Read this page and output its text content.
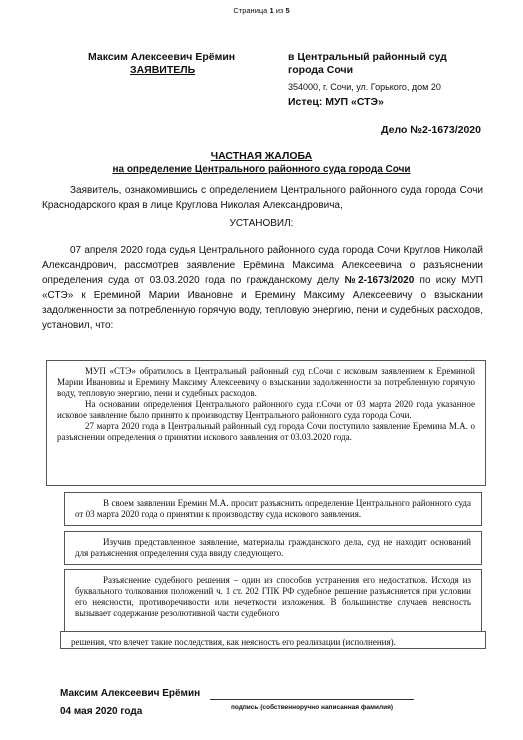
Страница 1 из 5
Максим Алексеевич Ерёмин
ЗАЯВИТЕЛЬ
в Центральный районный суд
города Сочи
354000, г. Сочи, ул. Горького, дом 20
Истец: МУП «СТЭ»
Дело №2-1673/2020
ЧАСТНАЯ ЖАЛОБА
на определение Центрального районного суда города Сочи
Заявитель, ознакомившись с определением Центрального районного суда города Сочи Краснодарского края в лице Круглова Николая Александровича,
УСТАНОВИЛ:
07 апреля 2020 года судья Центрального районного суда города Сочи Круглов Николай Александрович, рассмотрев заявление Ерёмина Максима Алексеевича о разъяснении определения суда от 03.03.2020 года по гражданскому делу №2-1673/2020 по иску МУП «СТЭ» к Ереминой Марии Ивановне и Еремину Максиму Алексеевичу о взыскании задолженности за потребленную горячую воду, тепловую энергию, пени и судебных расходов, установил, что:

МУП «СТЭ» обратилось в Центральный районный суд г.Сочи с исковым заявлением к Ереминой Марии Ивановны и Еремину Максиму Алексеевичу о взыскании задолженности за потребленную горячую воду, тепловую энергию, пени и судебных расходов.

На основании определения Центрального районного суда г.Сочи от 03 марта 2020 года указанное исковое заявление было принято к производству Центрального районного суда города Сочи.

27 марта 2020 года в Центральный районный суд города Сочи поступило заявление Еремина М.А. о разъяснении определения о принятии искового заявления от 03.03.2020 года.

В своем заявлении Еремин М.А. просит разъяснить определение Центрального районного суда от 03 марта 2020 года о принятии к производству суда искового заявления.

Изучив представленное заявление, материалы гражданского дела, суд не находит оснований для разъяснения определения суда ввиду следующего.

Разъяснение судебного решения – один из способов устранения его недостатков. Исходя из буквального толкования положений ч. 1 ст. 202 ГПК РФ судебное решение разъясняется при условии его неясности, противоречивости или нечеткости изложения. В большинстве случаев неясность вызывает содержание резолютивной части судебного

решения, что влечет такие последствия, как неясность его реализации (исполнения).

Максим Алексеевич Ерёмин
подпись (собственноручно написанная фамилия)
04 мая 2020 года
